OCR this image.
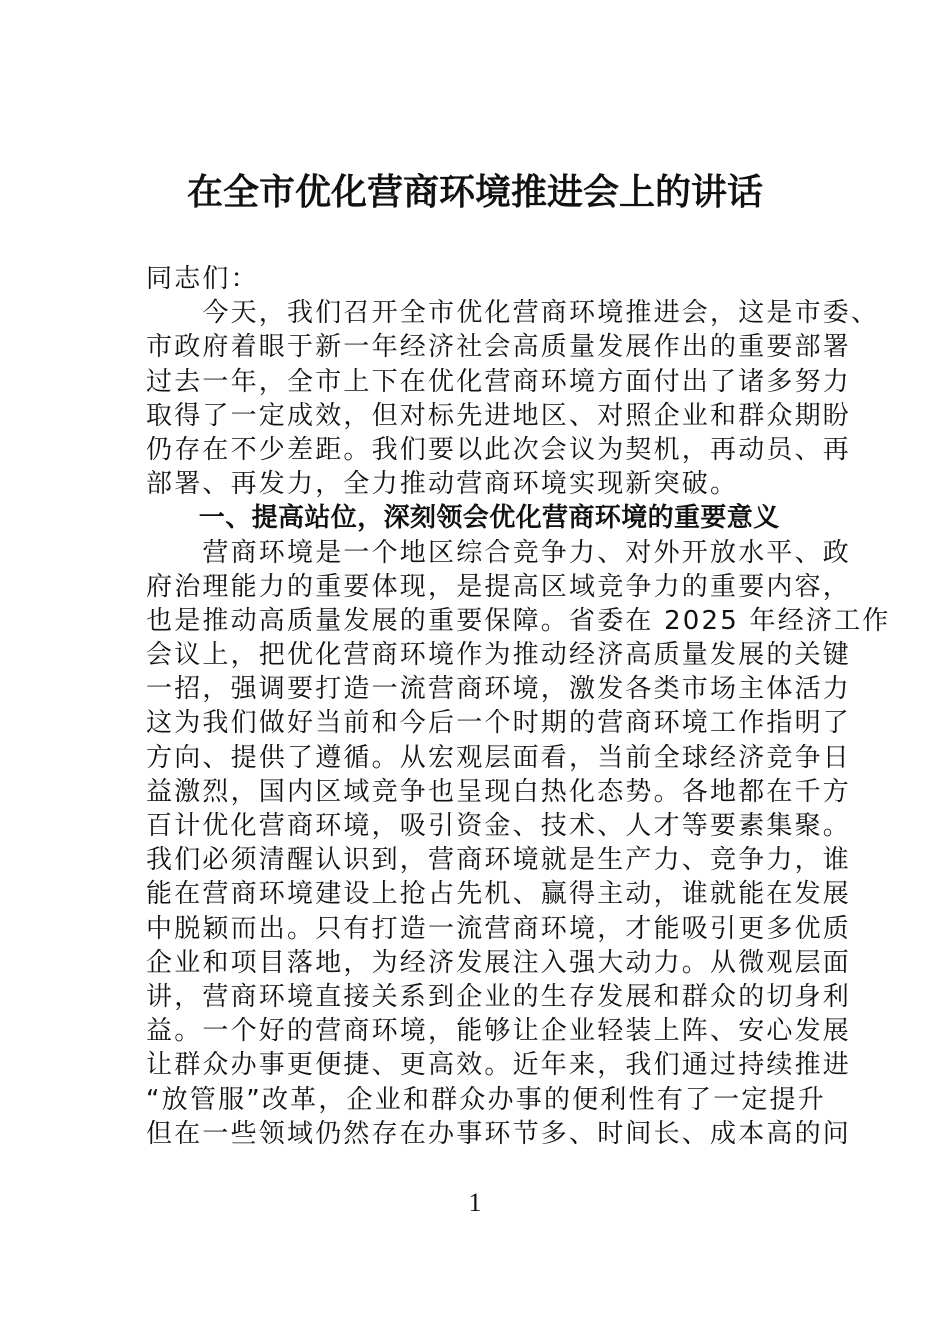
在全市优化营商环境推进会上的讲话
同志们：
　　今天，我们召开全市优化营商环境推进会，这是市委、
市政府着眼于新一年经济社会高质量发展作出的重要部署
过去一年，全市上下在优化营商环境方面付出了诸多努力
取得了一定成效，但对标先进地区、对照企业和群众期盼
仍存在不少差距。我们要以此次会议为契机，再动员、再
部署、再发力，全力推动营商环境实现新突破。
　　一、提高站位，深刻领会优化营商环境的重要意义
　　营商环境是一个地区综合竞争力、对外开放水平、政
府治理能力的重要体现，是提高区域竞争力的重要内容，
也是推动高质量发展的重要保障。省委在 2025 年经济工作
会议上，把优化营商环境作为推动经济高质量发展的关键
一招，强调要打造一流营商环境，激发各类市场主体活力
这为我们做好当前和今后一个时期的营商环境工作指明了
方向、提供了遵循。从宏观层面看，当前全球经济竞争日
益激烈，国内区域竞争也呈现白热化态势。各地都在千方
百计优化营商环境，吸引资金、技术、人才等要素集聚。
我们必须清醒认识到，营商环境就是生产力、竞争力，谁
能在营商环境建设上抢占先机、赢得主动，谁就能在发展
中脱颖而出。只有打造一流营商环境，才能吸引更多优质
企业和项目落地，为经济发展注入强大动力。从微观层面
讲，营商环境直接关系到企业的生存发展和群众的切身利
益。一个好的营商环境，能够让企业轻装上阵、安心发展
让群众办事更便捷、更高效。近年来，我们通过持续推进
“放管服”改革，企业和群众办事的便利性有了一定提升
但在一些领域仍然存在办事环节多、时间长、成本高的问
1
